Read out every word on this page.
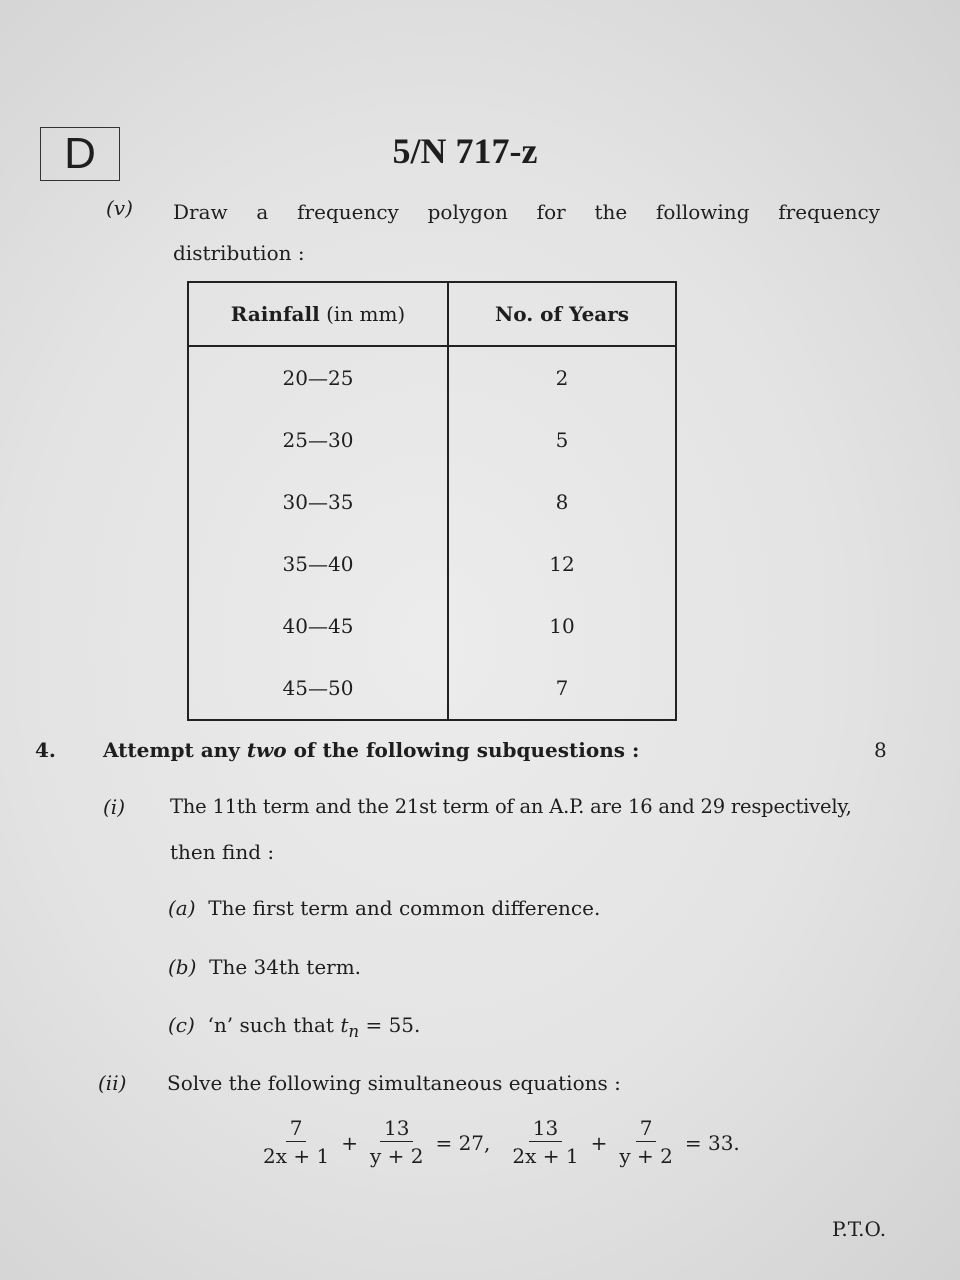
D	5/N 717-z
(v) Draw a frequency polygon for the following frequency
distribution :
Rainfall (in mm)	No. of Years
20—25	2
25—30	5
30—35	8
35—40	12
40—45	10
45—50	7
4. Attempt any two of the following subquestions :	8
(i) The 11th term and the 21st term of an A.P. are 16 and 29 respectively,
then find :
(a) The first term and common difference.
(b) The 34th term.
(c) ‘n’ such that $t_n = 55$.
(ii) Solve the following simultaneous equations :
$\frac{7}{2x + 1} + \frac{13}{y + 2} = 27$, $\frac{13}{2x + 1} + \frac{7}{y + 2} = 33$.
P.T.O.
